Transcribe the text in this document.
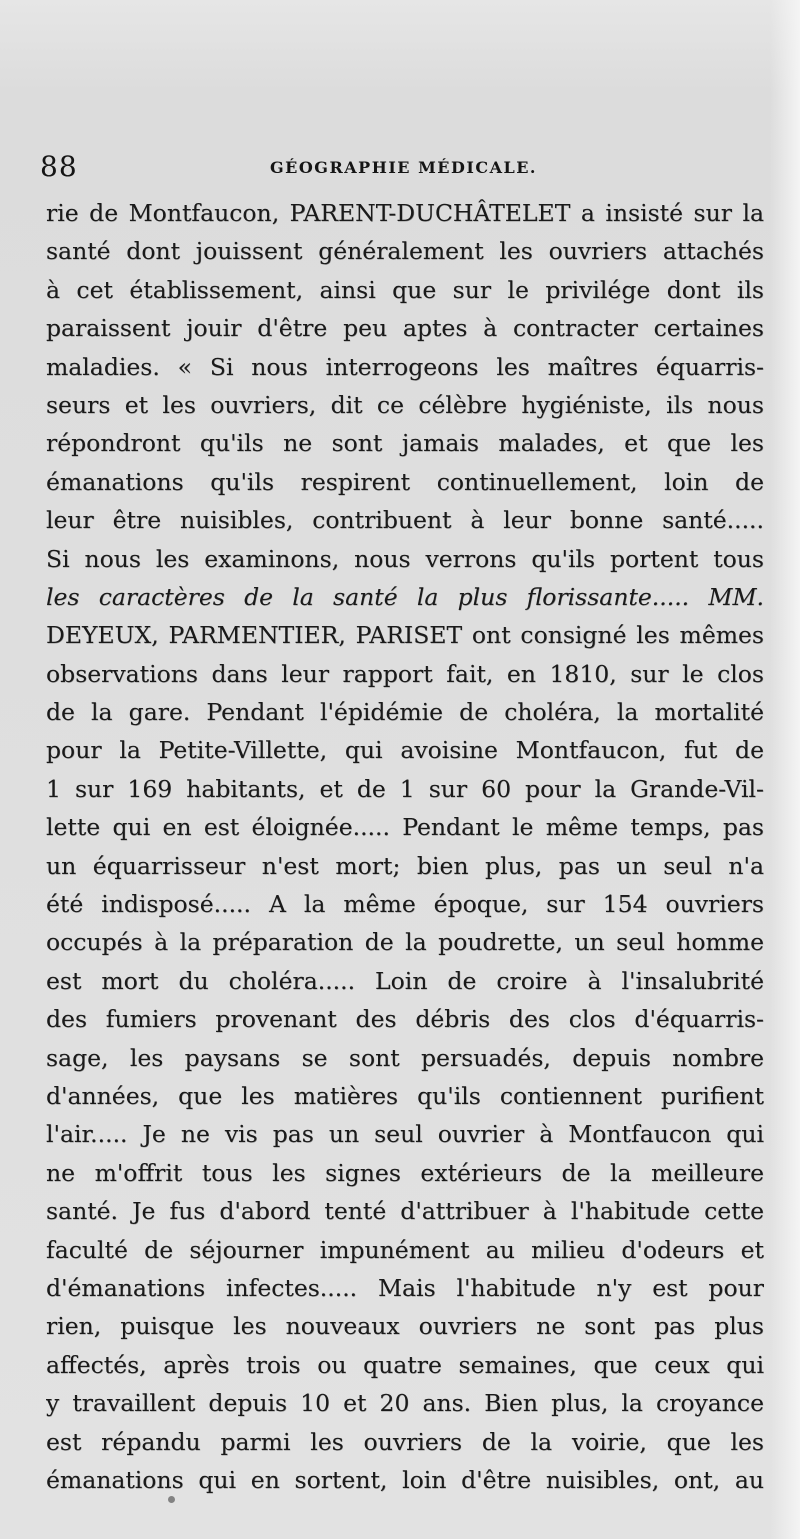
88	GÉOGRAPHIE MÉDICALE.
rie de Montfaucon, PARENT-DUCHÂTELET a insisté sur la
santé dont jouissent généralement les ouvriers attachés
à cet établissement, ainsi que sur le privilége dont ils
paraissent jouir d'être peu aptes à contracter certaines
maladies. « Si nous interrogeons les maîtres équarris-
seurs et les ouvriers, dit ce célèbre hygiéniste, ils nous
répondront qu'ils ne sont jamais malades, et que les
émanations qu'ils respirent continuellement, loin de
leur être nuisibles, contribuent à leur bonne santé.....
Si nous les examinons, nous verrons qu'ils portent tous
les caractères de la santé la plus florissante..... MM.
DEYEUX, PARMENTIER, PARISET ont consigné les mêmes
observations dans leur rapport fait, en 1810, sur le clos
de la gare. Pendant l'épidémie de choléra, la mortalité
pour la Petite-Villette, qui avoisine Montfaucon, fut de
1 sur 169 habitants, et de 1 sur 60 pour la Grande-Vil-
lette qui en est éloignée..... Pendant le même temps, pas
un équarrisseur n'est mort; bien plus, pas un seul n'a
été indisposé..... A la même époque, sur 154 ouvriers
occupés à la préparation de la poudrette, un seul homme
est mort du choléra..... Loin de croire à l'insalubrité
des fumiers provenant des débris des clos d'équarris-
sage, les paysans se sont persuadés, depuis nombre
d'années, que les matières qu'ils contiennent purifient
l'air..... Je ne vis pas un seul ouvrier à Montfaucon qui
ne m'offrit tous les signes extérieurs de la meilleure
santé. Je fus d'abord tenté d'attribuer à l'habitude cette
faculté de séjourner impunément au milieu d'odeurs et
d'émanations infectes..... Mais l'habitude n'y est pour
rien, puisque les nouveaux ouvriers ne sont pas plus
affectés, après trois ou quatre semaines, que ceux qui
y travaillent depuis 10 et 20 ans. Bien plus, la croyance
est répandu parmi les ouvriers de la voirie, que les
émanations qui en sortent, loin d'être nuisibles, ont, au
